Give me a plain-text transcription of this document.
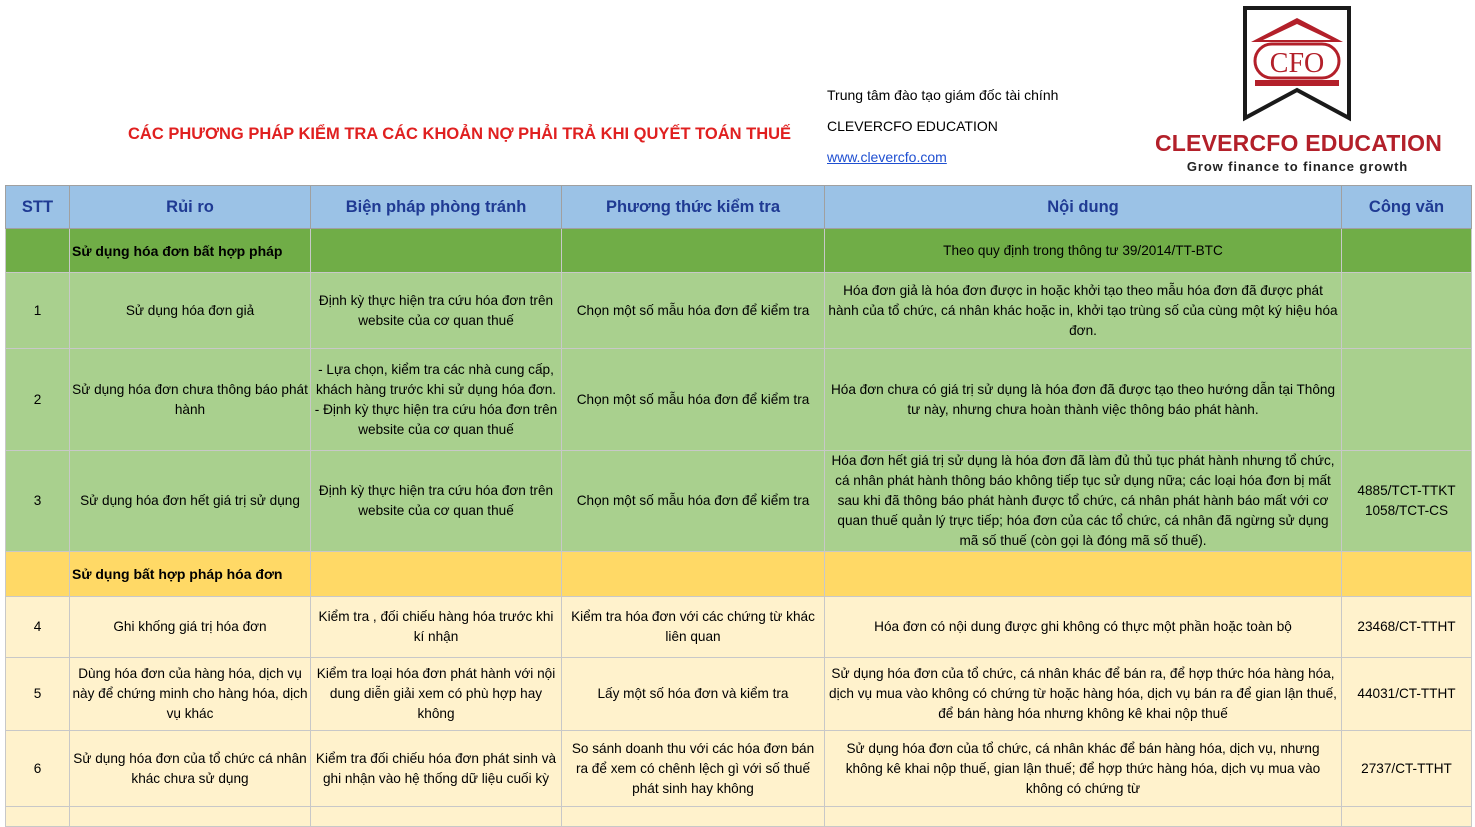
CÁC PHƯƠNG PHÁP KIỂM TRA CÁC KHOẢN NỢ PHẢI TRẢ KHI QUYẾT TOÁN THUẾ
Trung tâm đào tạo giám đốc tài chính
CLEVERCFO EDUCATION
www.clevercfo.com
CFO
CLEVERCFO EDUCATION
Grow finance to finance growth
STT	Rủi ro	Biện pháp phòng tránh	Phương thức kiểm tra	Nội dung	Công văn
	Sử dụng hóa đơn bất hợp pháp			Theo quy định trong thông tư 39/2014/TT-BTC	
1	Sử dụng hóa đơn giả	Định kỳ thực hiện tra cứu hóa đơn trên website của cơ quan thuế	Chọn một số mẫu hóa đơn để kiểm tra	Hóa đơn giả là hóa đơn được in hoặc khởi tạo theo mẫu hóa đơn đã được phát hành của tổ chức, cá nhân khác hoặc in, khởi tạo trùng số của cùng một ký hiệu hóa đơn.	
2	Sử dụng hóa đơn chưa thông báo phát hành	- Lựa chọn, kiểm tra các nhà cung cấp, khách hàng trước khi sử dụng hóa đơn.
- Định kỳ thực hiện tra cứu hóa đơn trên website của cơ quan thuế	Chọn một số mẫu hóa đơn để kiểm tra	Hóa đơn chưa có giá trị sử dụng là hóa đơn đã được tạo theo hướng dẫn tại Thông tư này, nhưng chưa hoàn thành việc thông báo phát hành.	
3	Sử dụng hóa đơn hết giá trị sử dụng	Định kỳ thực hiện tra cứu hóa đơn trên website của cơ quan thuế	Chọn một số mẫu hóa đơn để kiểm tra	Hóa đơn hết giá trị sử dụng là hóa đơn đã làm đủ thủ tục phát hành nhưng tổ chức, cá nhân phát hành thông báo không tiếp tục sử dụng nữa; các loại hóa đơn bị mất sau khi đã thông báo phát hành được tổ chức, cá nhân phát hành báo mất với cơ quan thuế quản lý trực tiếp; hóa đơn của các tổ chức, cá nhân đã ngừng sử dụng mã số thuế (còn gọi là đóng mã số thuế).	4885/TCT-TTKT
1058/TCT-CS
	Sử dụng bất hợp pháp hóa đơn				
4	Ghi khống giá trị hóa đơn	Kiểm tra , đối chiếu hàng hóa trước khi kí nhận	Kiểm tra hóa đơn với các chứng từ khác liên quan	Hóa đơn có nội dung được ghi không có thực một phần hoặc toàn bộ	23468/CT-TTHT
5	Dùng hóa đơn của hàng hóa, dịch vụ này để chứng minh cho hàng hóa, dịch vụ khác	Kiểm tra loại hóa đơn phát hành với nội dung diễn giải xem có phù hợp hay không	Lấy một số hóa đơn và kiểm tra	Sử dụng hóa đơn của tổ chức, cá nhân khác để bán ra, để hợp thức hóa hàng hóa, dịch vụ mua vào không có chứng từ hoặc hàng hóa, dịch vụ bán ra để gian lận thuế, để bán hàng hóa nhưng không kê khai nộp thuế	44031/CT-TTHT
6	Sử dụng hóa đơn của tổ chức cá nhân khác chưa sử dụng	Kiểm tra đối chiếu hóa đơn phát sinh và ghi nhận vào hệ thống dữ liệu cuối kỳ	So sánh doanh thu với các hóa đơn bán ra để xem có chênh lệch gì với số thuế phát sinh hay không	Sử dụng hóa đơn của tổ chức, cá nhân khác để bán hàng hóa, dịch vụ, nhưng không kê khai nộp thuế, gian lận thuế; để hợp thức hàng hóa, dịch vụ mua vào không có chứng từ	2737/CT-TTHT
